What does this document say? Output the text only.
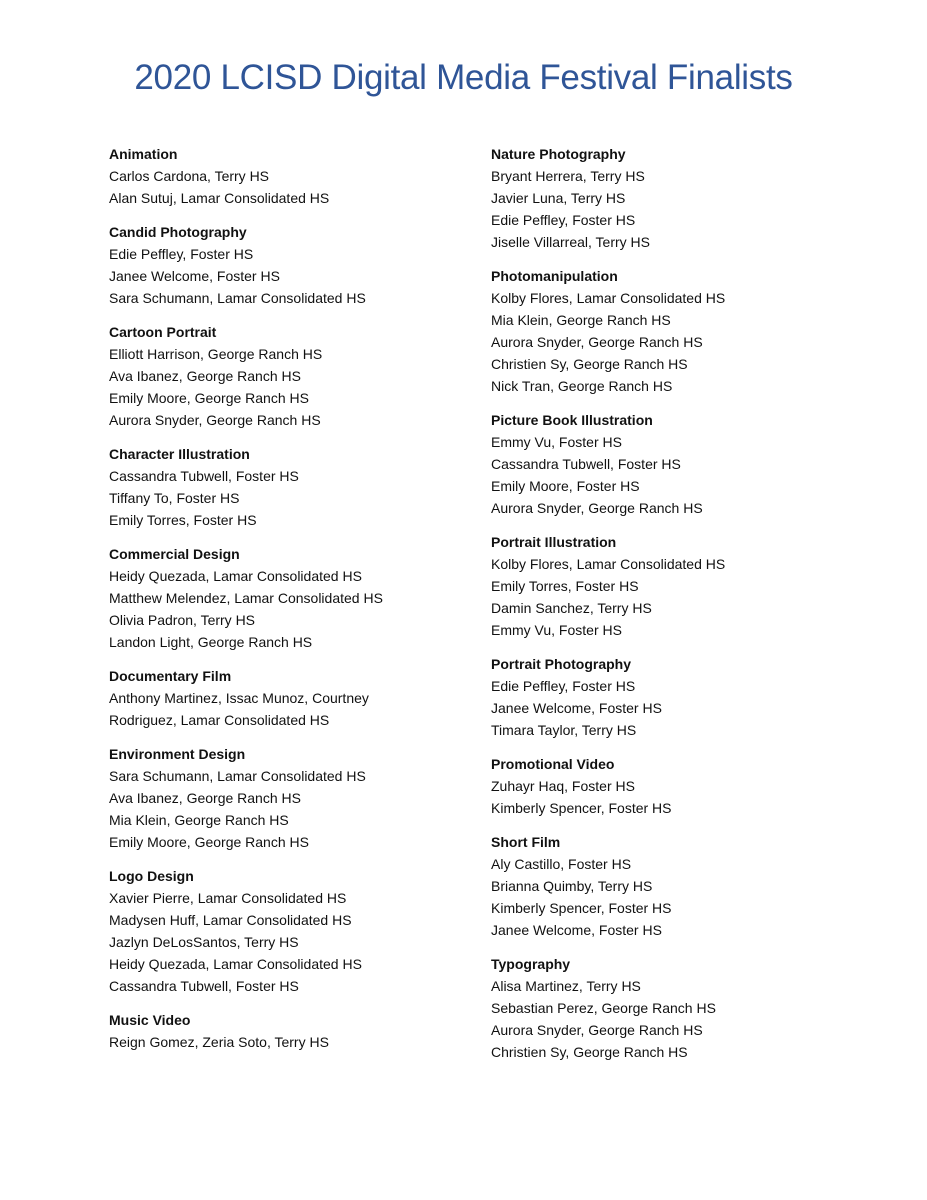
2020 LCISD Digital Media Festival Finalists
Animation
Carlos Cardona, Terry HS
Alan Sutuj, Lamar Consolidated HS
Candid Photography
Edie Peffley, Foster HS
Janee Welcome, Foster HS
Sara Schumann, Lamar Consolidated HS
Cartoon Portrait
Elliott Harrison, George Ranch HS
Ava Ibanez, George Ranch HS
Emily Moore, George Ranch HS
Aurora Snyder, George Ranch HS
Character Illustration
Cassandra Tubwell, Foster HS
Tiffany To, Foster HS
Emily Torres, Foster HS
Commercial Design
Heidy Quezada, Lamar Consolidated HS
Matthew Melendez, Lamar Consolidated HS
Olivia Padron, Terry HS
Landon Light, George Ranch HS
Documentary Film
Anthony Martinez, Issac Munoz, Courtney
Rodriguez, Lamar Consolidated HS
Environment Design
Sara Schumann, Lamar Consolidated HS
Ava Ibanez, George Ranch HS
Mia Klein, George Ranch HS
Emily Moore, George Ranch HS
Logo Design
Xavier Pierre, Lamar Consolidated HS
Madysen Huff, Lamar Consolidated HS
Jazlyn DeLosSantos, Terry HS
Heidy Quezada, Lamar Consolidated HS
Cassandra Tubwell, Foster HS
Music Video
Reign Gomez, Zeria Soto, Terry HS
Nature Photography
Bryant Herrera, Terry HS
Javier Luna, Terry HS
Edie Peffley, Foster HS
Jiselle Villarreal, Terry HS
Photomanipulation
Kolby Flores, Lamar Consolidated HS
Mia Klein, George Ranch HS
Aurora Snyder, George Ranch HS
Christien Sy, George Ranch HS
Nick Tran, George Ranch HS
Picture Book Illustration
Emmy Vu, Foster HS
Cassandra Tubwell, Foster HS
Emily Moore, Foster HS
Aurora Snyder, George Ranch HS
Portrait Illustration
Kolby Flores, Lamar Consolidated HS
Emily Torres, Foster HS
Damin Sanchez, Terry HS
Emmy Vu, Foster HS
Portrait Photography
Edie Peffley, Foster HS
Janee Welcome, Foster HS
Timara Taylor, Terry HS
Promotional Video
Zuhayr Haq, Foster HS
Kimberly Spencer, Foster HS
Short Film
Aly Castillo, Foster HS
Brianna Quimby, Terry HS
Kimberly Spencer, Foster HS
Janee Welcome, Foster HS
Typography
Alisa Martinez, Terry HS
Sebastian Perez, George Ranch HS
Aurora Snyder, George Ranch HS
Christien Sy, George Ranch HS
